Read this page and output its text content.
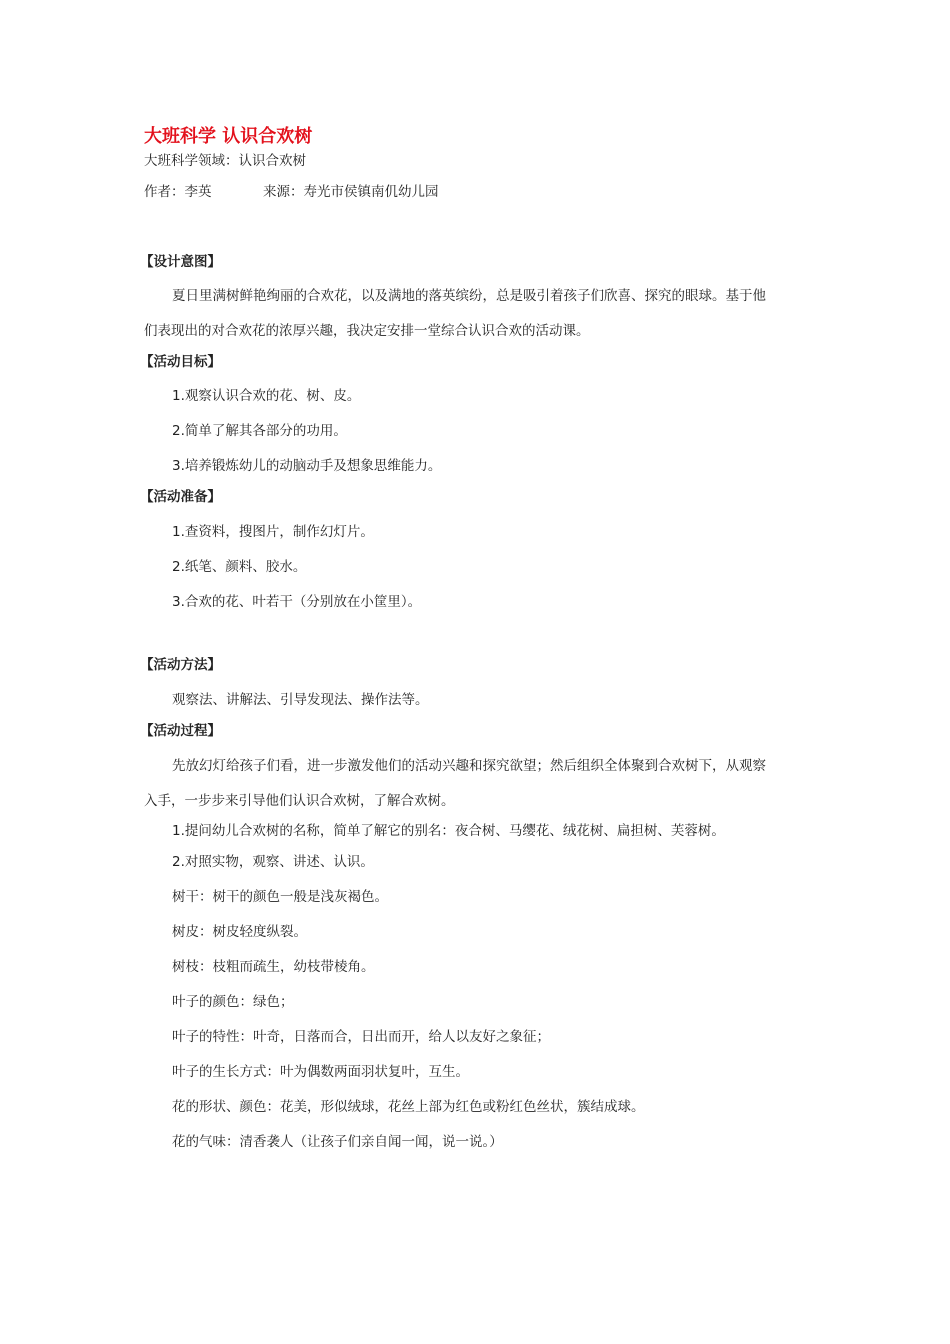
大班科学 认识合欢树
大班科学领域：认识合欢树
作者：李英	来源：寿光市侯镇南仉幼儿园
【设计意图】
夏日里满树鲜艳绚丽的合欢花，以及满地的落英缤纷，总是吸引着孩子们欣喜、探究的眼球。基于他
们表现出的对合欢花的浓厚兴趣，我决定安排一堂综合认识合欢的活动课。
【活动目标】
1.观察认识合欢的花、树、皮。
2.简单了解其各部分的功用。
3.培养锻炼幼儿的动脑动手及想象思维能力。
【活动准备】
1.查资料，搜图片，制作幻灯片。
2.纸笔、颜料、胶水。
3.合欢的花、叶若干（分别放在小筐里）。
【活动方法】
观察法、讲解法、引导发现法、操作法等。
【活动过程】
先放幻灯给孩子们看，进一步激发他们的活动兴趣和探究欲望；然后组织全体聚到合欢树下，从观察
入手，一步步来引导他们认识合欢树，了解合欢树。
1.提问幼儿合欢树的名称，简单了解它的别名：夜合树、马缨花、绒花树、扁担树、芙蓉树。
2.对照实物，观察、讲述、认识。
树干：树干的颜色一般是浅灰褐色。
树皮：树皮轻度纵裂。
树枝：枝粗而疏生，幼枝带棱角。
叶子的颜色：绿色；
叶子的特性：叶奇，日落而合，日出而开，给人以友好之象征；
叶子的生长方式：叶为偶数两面羽状复叶，互生。
花的形状、颜色：花美，形似绒球，花丝上部为红色或粉红色丝状，簇结成球。
花的气味：清香袭人（让孩子们亲自闻一闻，说一说。）
